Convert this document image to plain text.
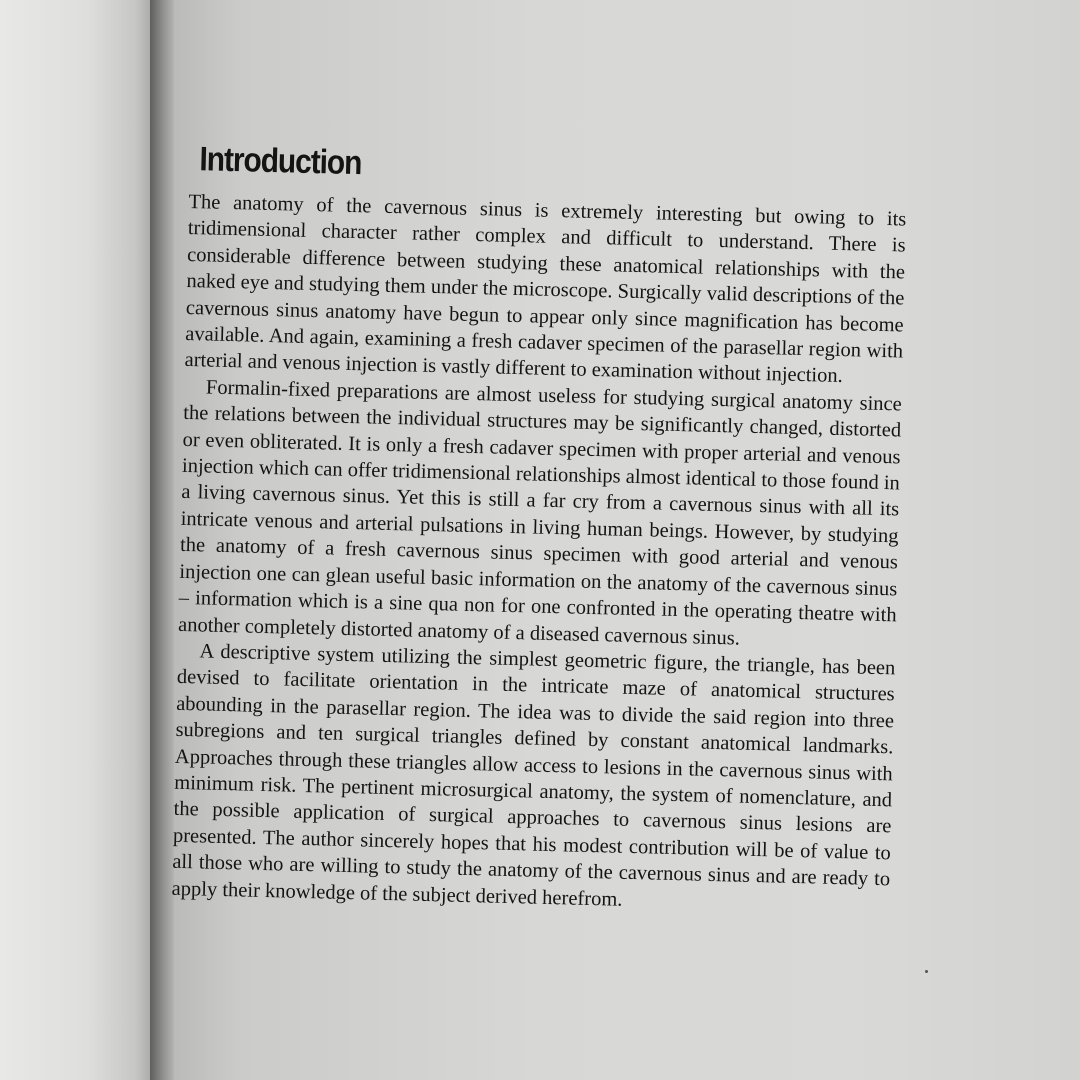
Introduction

The anatomy of the cavernous sinus is extremely interesting but owing to its tridimensional character rather complex and difficult to understand. There is considerable difference between studying these anatomical relationships with the naked eye and studying them under the microscope. Surgically valid descriptions of the cavernous sinus anatomy have begun to appear only since magnification has become available. And again, examining a fresh cadaver specimen of the parasellar region with arterial and venous injection is vastly different to examination without injection.

Formalin-fixed preparations are almost useless for studying surgical anatomy since the relations between the individual structures may be significantly changed, distorted or even obliterated. It is only a fresh cadaver specimen with proper arterial and venous injection which can offer tridimensional relationships almost identical to those found in a living cavernous sinus. Yet this is still a far cry from a cavernous sinus with all its intricate venous and arterial pulsations in living human beings. However, by studying the anatomy of a fresh cavernous sinus specimen with good arterial and venous injection one can glean useful basic information on the anatomy of the cavernous sinus – information which is a sine qua non for one confronted in the operating theatre with another completely distorted anatomy of a diseased cavernous sinus.

A descriptive system utilizing the simplest geometric figure, the triangle, has been devised to facilitate orientation in the intricate maze of anatomical structures abounding in the parasellar region. The idea was to divide the said region into three subregions and ten surgical triangles defined by constant anatomical landmarks. Approaches through these triangles allow access to lesions in the cavernous sinus with minimum risk. The pertinent microsurgical anatomy, the system of nomenclature, and the possible application of surgical approaches to cavernous sinus lesions are presented. The author sincerely hopes that his modest contribution will be of value to all those who are willing to study the anatomy of the cavernous sinus and are ready to apply their knowledge of the subject derived herefrom.
